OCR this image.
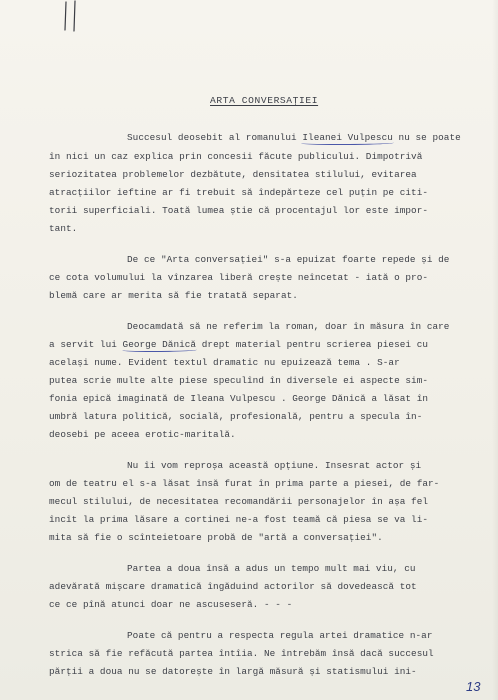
ARTA CONVERSAȚIEI
Succesul deosebit al romanului Ileanei Vulpescu nu se poate
în nici un caz explica prin concesii făcute publicului. Dimpotrivă
seriozitatea problemelor dezbătute, densitatea stilului, evitarea
atracțiilor ieftine ar fi trebuit să îndepărteze cel puțin pe citi-
torii superficiali. Toată lumea știe că procentajul lor este impor-
tant.
De ce "Arta conversației" s-a epuizat foarte repede și de
ce cota volumului la vînzarea liberă crește neîncetat - iată o pro-
blemă care ar merita să fie tratată separat.
Deocamdată să ne referim la roman, doar în măsura în care
a servit lui George Dănică drept material pentru scrierea piesei cu
același nume. Evident textul dramatic nu epuizează tema . S-ar
putea scrie multe alte piese speculînd în diversele ei aspecte sim-
fonia epică imaginată de Ileana Vulpescu . George Dănică a lăsat în
umbră latura politică, socială, profesională, pentru a specula în-
deosebi pe aceea erotic-maritală.
Nu îi vom reproșa această opțiune. Insesrat actor și
om de teatru el s-a lăsat însă furat în prima parte a piesei, de far-
mecul stilului, de necesitatea recomandării personajelor în așa fel
încît la prima lăsare a cortinei ne-a fost teamă că piesa se va li-
mita să fie o scînteietoare probă de "artă a conversației".
Partea a doua însă a adus un tempo mult mai viu, cu
adevărată mișcare dramatică îngăduind actorilor să dovedească tot
ce ce pînă atunci doar ne ascuseseră. - - -
Poate că pentru a respecta regula artei dramatice n-ar
strica să fie refăcută partea întîia. Ne întrebăm însă dacă succesul
părții a doua nu se datorește în largă măsură și statismului ini-
13
